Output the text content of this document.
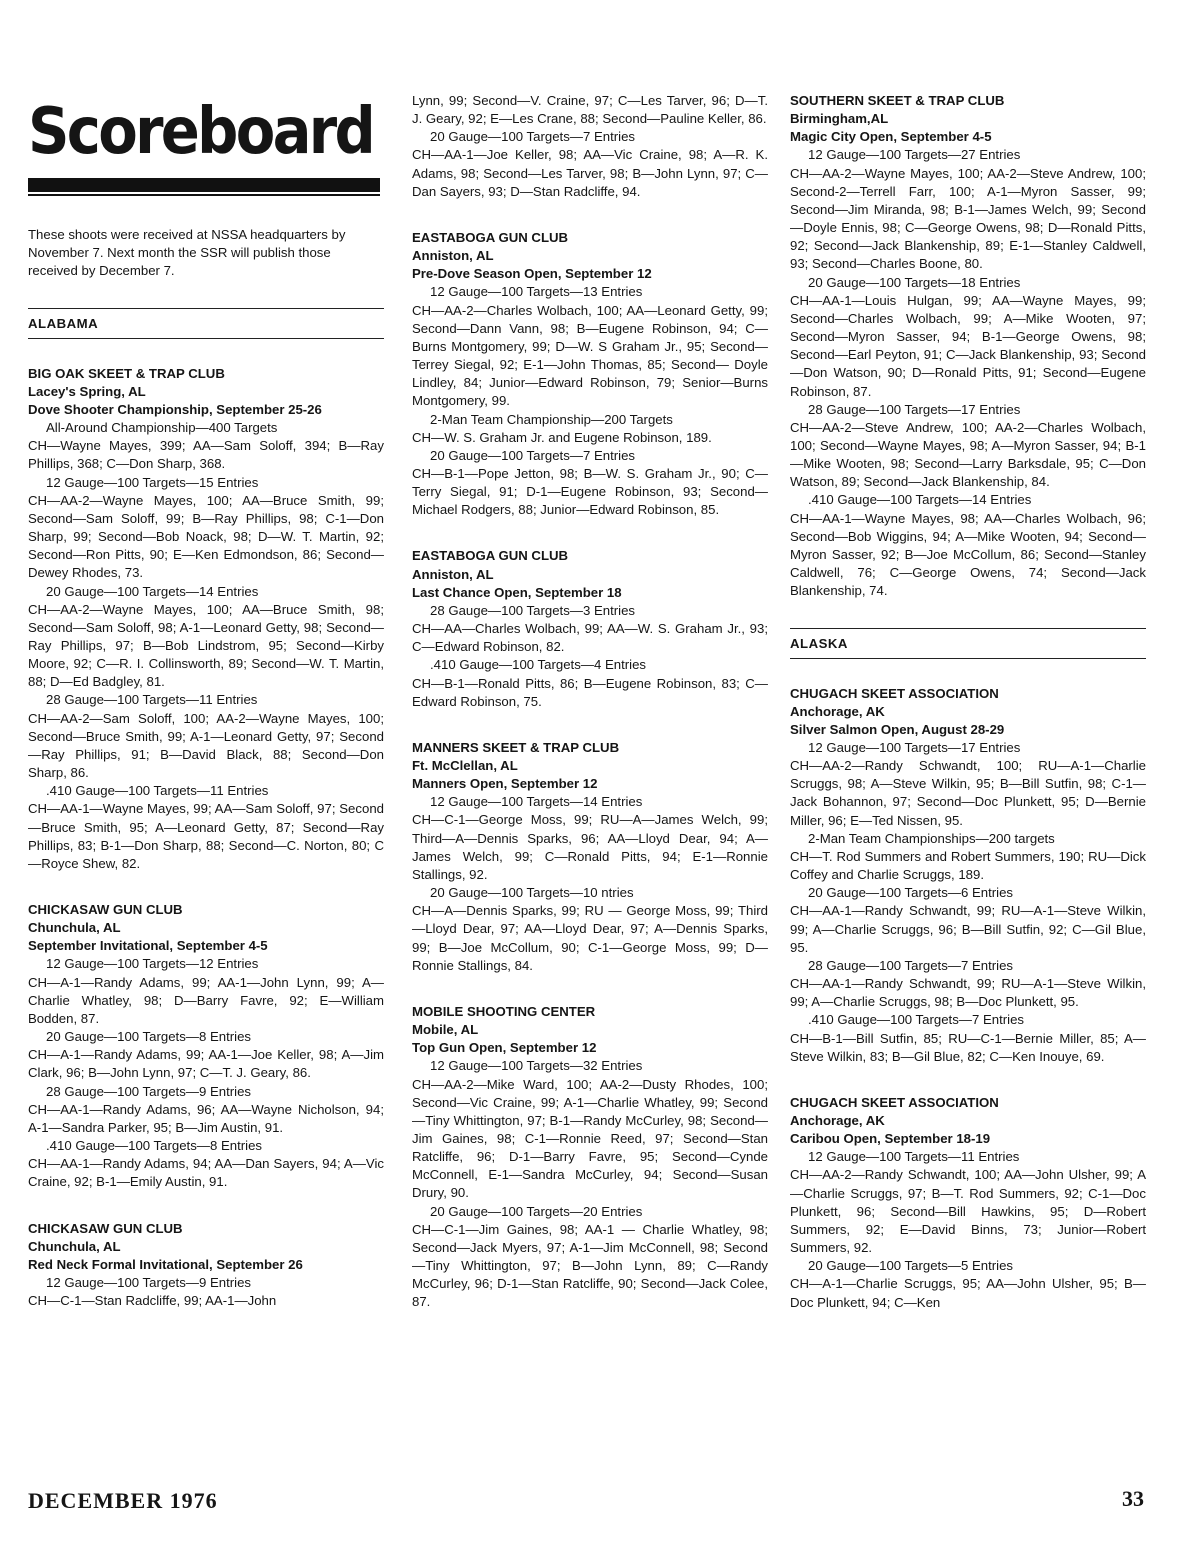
Scoreboard

These shoots were received at NSSA headquarters by November 7. Next month the SSR will publish those received by December 7.

ALABAMA

BIG OAK SKEET & TRAP CLUB

Lacey's Spring, AL

Dove Shooter Championship, September 25-26

All-Around Championship—400 Targets

CH—Wayne Mayes, 399; AA—Sam Soloff, 394; B—Ray Phillips, 368; C—Don Sharp, 368.

12 Gauge—100 Targets—15 Entries

CH—AA-2—Wayne Mayes, 100; AA—Bruce Smith, 99; Second—Sam Soloff, 99; B—Ray Phillips, 98; C-1—Don Sharp, 99; Second—Bob Noack, 98; D—W. T. Martin, 92; Second—Ron Pitts, 90; E—Ken Edmondson, 86; Second—Dewey Rhodes, 73.

20 Gauge—100 Targets—14 Entries

CH—AA-2—Wayne Mayes, 100; AA—Bruce Smith, 98; Second—Sam Soloff, 98; A-1—Leonard Getty, 98; Second—Ray Phillips, 97; B—Bob Lindstrom, 95; Second—Kirby Moore, 92; C—R. I. Collinsworth, 89; Second—W. T. Martin, 88; D—Ed Badgley, 81.

28 Gauge—100 Targets—11 Entries

CH—AA-2—Sam Soloff, 100; AA-2—Wayne Mayes, 100; Second—Bruce Smith, 99; A-1—Leonard Getty, 97; Second—Ray Phillips, 91; B—David Black, 88; Second—Don Sharp, 86.

.410 Gauge—100 Targets—11 Entries

CH—AA-1—Wayne Mayes, 99; AA—Sam Soloff, 97; Second—Bruce Smith, 95; A—Leonard Getty, 87; Second—Ray Phillips, 83; B-1—Don Sharp, 88; Second—C. Norton, 80; C—Royce Shew, 82.

CHICKASAW GUN CLUB

Chunchula, AL

September Invitational, September 4-5

12 Gauge—100 Targets—12 Entries

CH—A-1—Randy Adams, 99; AA-1—John Lynn, 99; A—Charlie Whatley, 98; D—Barry Favre, 92; E—William Bodden, 87.

20 Gauge—100 Targets—8 Entries

CH—A-1—Randy Adams, 99; AA-1—Joe Keller, 98; A—Jim Clark, 96; B—John Lynn, 97; C—T. J. Geary, 86.

28 Gauge—100 Targets—9 Entries

CH—AA-1—Randy Adams, 96; AA—Wayne Nicholson, 94; A-1—Sandra Parker, 95; B—Jim Austin, 91.

.410 Gauge—100 Targets—8 Entries

CH—AA-1—Randy Adams, 94; AA—Dan Sayers, 94; A—Vic Craine, 92; B-1—Emily Austin, 91.

CHICKASAW GUN CLUB

Chunchula, AL

Red Neck Formal Invitational, September 26

12 Gauge—100 Targets—9 Entries

CH—C-1—Stan Radcliffe, 99; AA-1—John

Lynn, 99; Second—V. Craine, 97; C—Les Tarver, 96; D—T. J. Geary, 92; E—Les Crane, 88; Second—Pauline Keller, 86.

20 Gauge—100 Targets—7 Entries

CH—AA-1—Joe Keller, 98; AA—Vic Craine, 98; A—R. K. Adams, 98; Second—Les Tarver, 98; B—John Lynn, 97; C—Dan Sayers, 93; D—Stan Radcliffe, 94.

EASTABOGA GUN CLUB

Anniston, AL

Pre-Dove Season Open, September 12

12 Gauge—100 Targets—13 Entries

CH—AA-2—Charles Wolbach, 100; AA—Leonard Getty, 99; Second—Dann Vann, 98; B—Eugene Robinson, 94; C—Burns Montgomery, 99; D—W. S Graham Jr., 95; Second—Terrey Siegal, 92; E-1—John Thomas, 85; Second— Doyle Lindley, 84; Junior—Edward Robinson, 79; Senior—Burns Montgomery, 99.

2-Man Team Championship—200 Targets

CH—W. S. Graham Jr. and Eugene Robinson, 189.

20 Gauge—100 Targets—7 Entries

CH—B-1—Pope Jetton, 98; B—W. S. Graham Jr., 90; C—Terry Siegal, 91; D-1—Eugene Robinson, 93; Second—Michael Rodgers, 88; Junior—Edward Robinson, 85.

EASTABOGA GUN CLUB

Anniston, AL

Last Chance Open, September 18

28 Gauge—100 Targets—3 Entries

CH—AA—Charles Wolbach, 99; AA—W. S. Graham Jr., 93; C—Edward Robinson, 82.

.410 Gauge—100 Targets—4 Entries

CH—B-1—Ronald Pitts, 86; B—Eugene Robinson, 83; C—Edward Robinson, 75.

MANNERS SKEET & TRAP CLUB

Ft. McClellan, AL

Manners Open, September 12

12 Gauge—100 Targets—14 Entries

CH—C-1—George Moss, 99; RU—A—James Welch, 99; Third—A—Dennis Sparks, 96; AA—Lloyd Dear, 94; A—James Welch, 99; C—Ronald Pitts, 94; E-1—Ronnie Stallings, 92.

20 Gauge—100 Targets—10 ntries

CH—A—Dennis Sparks, 99; RU — George Moss, 99; Third—Lloyd Dear, 97; AA—Lloyd Dear, 97; A—Dennis Sparks, 99; B—Joe McCollum, 90; C-1—George Moss, 99; D—Ronnie Stallings, 84.

MOBILE SHOOTING CENTER

Mobile, AL

Top Gun Open, September 12

12 Gauge—100 Targets—32 Entries

CH—AA-2—Mike Ward, 100; AA-2—Dusty Rhodes, 100; Second—Vic Craine, 99; A-1—Charlie Whatley, 99; Second—Tiny Whittington, 97; B-1—Randy McCurley, 98; Second—Jim Gaines, 98; C-1—Ronnie Reed, 97; Second—Stan Ratcliffe, 96; D-1—Barry Favre, 95; Second—Cynde McConnell, E-1—Sandra McCurley, 94; Second—Susan Drury, 90.

20 Gauge—100 Targets—20 Entries

CH—C-1—Jim Gaines, 98; AA-1 — Charlie Whatley, 98; Second—Jack Myers, 97; A-1—Jim McConnell, 98; Second—Tiny Whittington, 97; B—John Lynn, 89; C—Randy McCurley, 96; D-1—Stan Ratcliffe, 90; Second—Jack Colee, 87.

SOUTHERN SKEET & TRAP CLUB

Birmingham,AL

Magic City Open, September 4-5

12 Gauge—100 Targets—27 Entries

CH—AA-2—Wayne Mayes, 100; AA-2—Steve Andrew, 100; Second-2—Terrell Farr, 100; A-1—Myron Sasser, 99; Second—Jim Miranda, 98; B-1—James Welch, 99; Second—Doyle Ennis, 98; C—George Owens, 98; D—Ronald Pitts, 92; Second—Jack Blankenship, 89; E-1—Stanley Caldwell, 93; Second—Charles Boone, 80.

20 Gauge—100 Targets—18 Entries

CH—AA-1—Louis Hulgan, 99; AA—Wayne Mayes, 99; Second—Charles Wolbach, 99; A—Mike Wooten, 97; Second—Myron Sasser, 94; B-1—George Owens, 98; Second—Earl Peyton, 91; C—Jack Blankenship, 93; Second—Don Watson, 90; D—Ronald Pitts, 91; Second—Eugene Robinson, 87.

28 Gauge—100 Targets—17 Entries

CH—AA-2—Steve Andrew, 100; AA-2—Charles Wolbach, 100; Second—Wayne Mayes, 98; A—Myron Sasser, 94; B-1—Mike Wooten, 98; Second—Larry Barksdale, 95; C—Don Watson, 89; Second—Jack Blankenship, 84.

.410 Gauge—100 Targets—14 Entries

CH—AA-1—Wayne Mayes, 98; AA—Charles Wolbach, 96; Second—Bob Wiggins, 94; A—Mike Wooten, 94; Second—Myron Sasser, 92; B—Joe McCollum, 86; Second—Stanley Caldwell, 76; C—George Owens, 74; Second—Jack Blankenship, 74.

ALASKA

CHUGACH SKEET ASSOCIATION

Anchorage, AK

Silver Salmon Open, August 28-29

12 Gauge—100 Targets—17 Entries

CH—AA-2—Randy Schwandt, 100; RU—A-1—Charlie Scruggs, 98; A—Steve Wilkin, 95; B—Bill Sutfin, 98; C-1—Jack Bohannon, 97; Second—Doc Plunkett, 95; D—Bernie Miller, 96; E—Ted Nissen, 95.

2-Man Team Championships—200 targets

CH—T. Rod Summers and Robert Summers, 190; RU—Dick Coffey and Charlie Scruggs, 189.

20 Gauge—100 Targets—6 Entries

CH—AA-1—Randy Schwandt, 99; RU—A-1—Steve Wilkin, 99; A—Charlie Scruggs, 96; B—Bill Sutfin, 92; C—Gil Blue, 95.

28 Gauge—100 Targets—7 Entries

CH—AA-1—Randy Schwandt, 99; RU—A-1—Steve Wilkin, 99; A—Charlie Scruggs, 98; B—Doc Plunkett, 95.

.410 Gauge—100 Targets—7 Entries

CH—B-1—Bill Sutfin, 85; RU—C-1—Bernie Miller, 85; A—Steve Wilkin, 83; B—Gil Blue, 82; C—Ken Inouye, 69.

CHUGACH SKEET ASSOCIATION

Anchorage, AK

Caribou Open, September 18-19

12 Gauge—100 Targets—11 Entries

CH—AA-2—Randy Schwandt, 100; AA—John Ulsher, 99; A—Charlie Scruggs, 97; B—T. Rod Summers, 92; C-1—Doc Plunkett, 96; Second—Bill Hawkins, 95; D—Robert Summers, 92; E—David Binns, 73; Junior—Robert Summers, 92.

20 Gauge—100 Targets—5 Entries

CH—A-1—Charlie Scruggs, 95; AA—John Ulsher, 95; B—Doc Plunkett, 94; C—Ken

DECEMBER 1976	33
